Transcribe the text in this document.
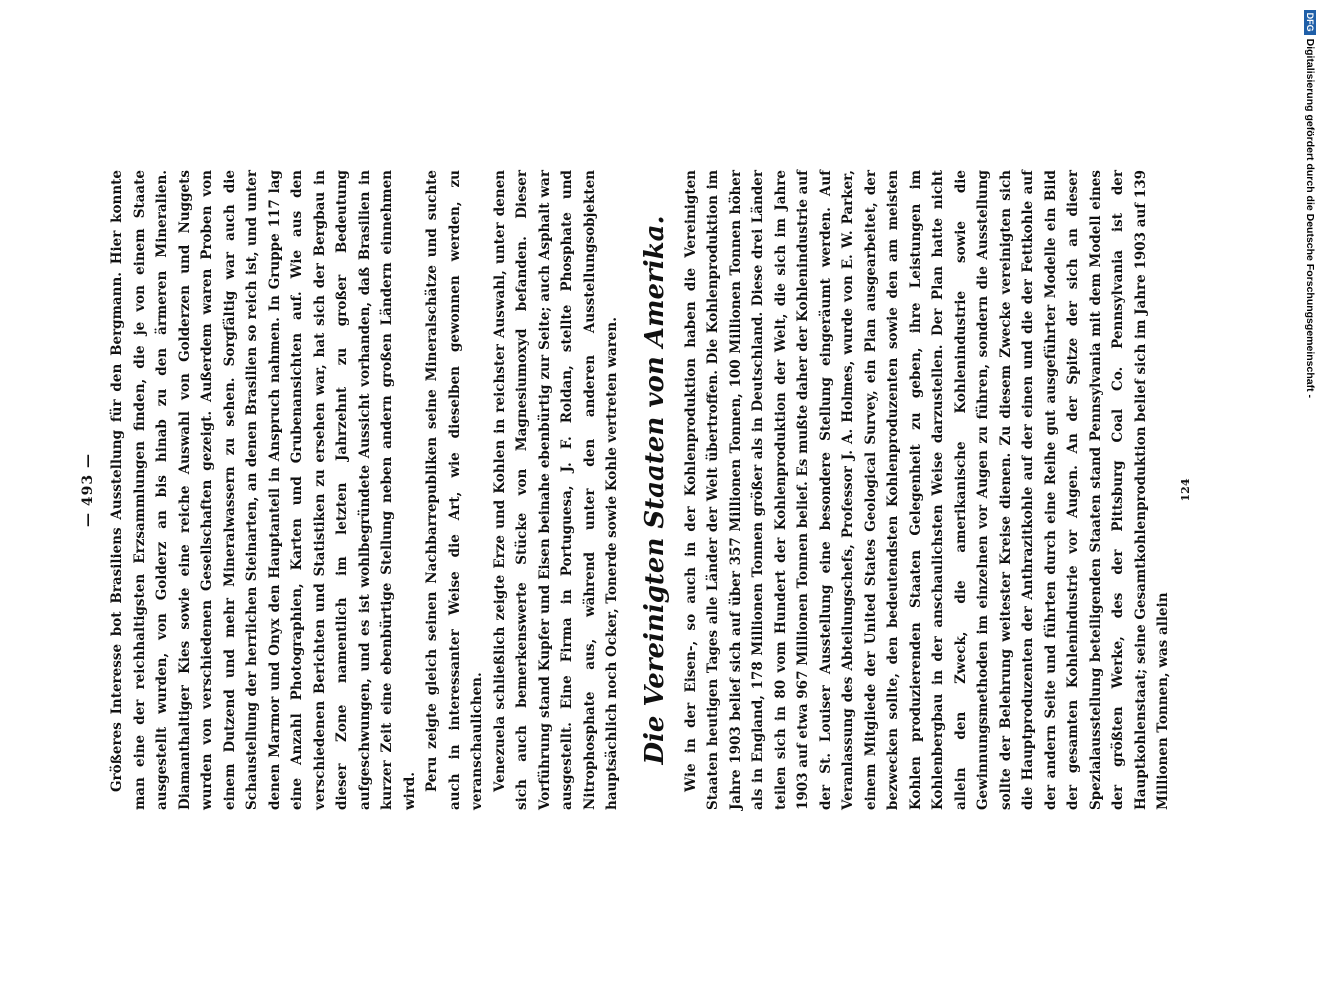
— 493 — Größeres Interesse bot Brasiliens Ausstellung für den Bergmann. Hier konnte man eine der reichhaltigsten Erzsammlungen finden, die je von einem Staate ausgestellt wurden, von Golderz an bis hinab zu den ärmeren Mineralien. Diamanthaltiger Kies sowie eine reiche Auswahl von Golderzen und Nuggets wurden von verschiedenen Gesellschaften gezeigt. Außerdem waren Proben von einem Dutzend und mehr Mineralwassern zu sehen. Sorgfältig war auch die Schaustellung der herrlichen Steinarten, an denen Brasilien so reich ist, und unter denen Marmor und Onyx den Hauptanteil in Anspruch nahmen. In Gruppe 117 lag eine Anzahl Photographien, Karten und Grubenansichten auf. Wie aus den verschiedenen Berichten und Statistiken zu ersehen war, hat sich der Bergbau in dieser Zone namentlich im letzten Jahrzehnt zu großer Bedeutung aufgeschwungen, und es ist wohlbegründete Aussicht vorhanden, daß Brasilien in kurzer Zeit eine ebenbürtige Stellung neben andern großen Ländern einnehmen wird. Peru zeigte gleich seinen Nachbarrepubliken seine Mineralschätze und suchte auch in interessanter Weise die Art, wie dieselben gewonnen werden, zu veranschaulichen. Venezuela schließlich zeigte Erze und Kohlen in reichster Auswahl, unter denen sich auch bemerkenswerte Stücke von Magnesiumoxyd befanden. Dieser Vorführung stand Kupfer und Eisen beinahe ebenbürtig zur Seite; auch Asphalt war ausgestellt. Eine Firma in Portuguesa, J. F. Roldan, stellte Phosphate und Nitrophosphate aus, während unter den anderen Ausstellungsobjekten hauptsächlich noch Ocker, Tonerde sowie Kohle vertreten waren. Die Vereinigten Staaten von Amerika. Wie in der Eisen-, so auch in der Kohlenproduktion haben die Vereinigten Staaten heutigen Tages alle Länder der Welt übertroffen. Die Kohlenproduktion im Jahre 1903 belief sich auf über 357 Millionen Tonnen, 100 Millionen Tonnen höher als in England, 178 Millionen Tonnen größer als in Deutschland. Diese drei Länder teilen sich in 80 vom Hundert der Kohlenproduktion der Welt, die sich im Jahre 1903 auf etwa 967 Millionen Tonnen belief. Es mußte daher der Kohlenindustrie auf der St. Louiser Ausstellung eine besondere Stellung eingeräumt werden. Auf Veranlassung des Abteilungschefs, Professor J. A. Holmes, wurde von E. W. Parker, einem Mitgliede der United States Geological Survey, ein Plan ausgearbeitet, der bezwecken sollte, den bedeutendsten Kohlenproduzenten sowie den am meisten Kohlen produzierenden Staaten Gelegenheit zu geben, ihre Leistungen im Kohlenbergbau in der anschaulichsten Weise darzustellen. Der Plan hatte nicht allein den Zweck, die amerikanische Kohlenindustrie sowie die Gewinnungsmethoden im einzelnen vor Augen zu führen, sondern die Ausstellung sollte der Belehrung weitester Kreise dienen. Zu diesem Zwecke vereinigten sich die Hauptproduzenten der Anthrazitkohle auf der einen und die der Fettkohle auf der andern Seite und führten durch eine Reihe gut ausgeführter Modelle ein Bild der gesamten Kohlenindustrie vor Augen. An der Spitze der sich an dieser Spezialausstellung beteiligenden Staaten stand Pennsylvania mit dem Modell eines der größten Werke, des der Pittsburg Coal Co. Pennsylvania ist der Hauptkohlenstaat; seine Gesamtkohlenproduktion belief sich im Jahre 1903 auf 139 Millionen Tonnen, was allein

124
Digitalisierung gefördert durch die Deutsche Forschungsgemeinschaft -
DFG
